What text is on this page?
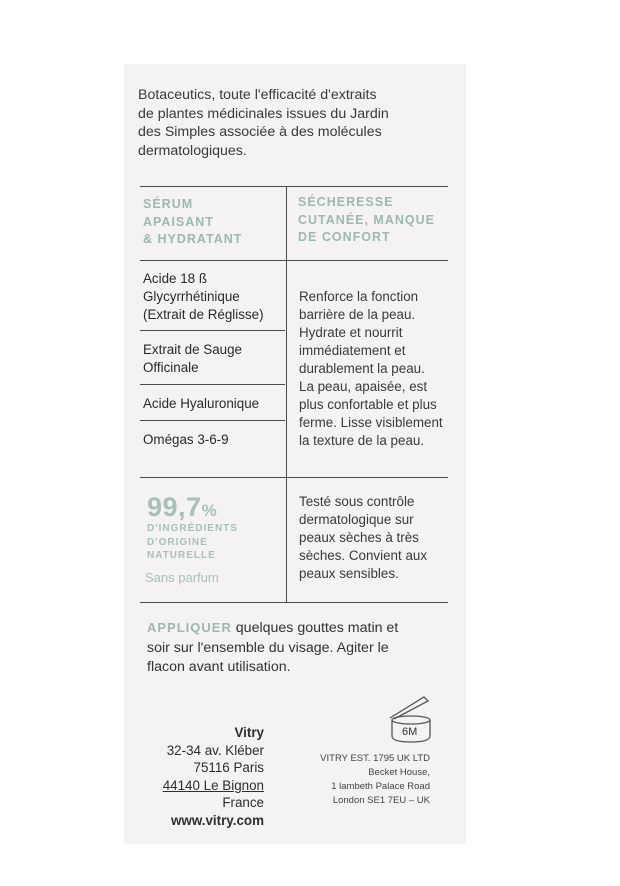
Botaceutics, toute l'efficacité d'extraits
de plantes médicinales issues du Jardin
des Simples associée à des molécules
dermatologiques.
SÉRUM
APAISANT
& HYDRATANT
SÉCHERESSE
CUTANÉE, MANQUE
DE CONFORT
Acide 18 ß
Glycyrrhétinique
(Extrait de Réglisse)
Extrait de Sauge
Officinale
Acide Hyaluronique
Omégas 3-6-9
Renforce la fonction
barrière de la peau.
Hydrate et nourrit
immédiatement et
durablement la peau.
La peau, apaisée, est
plus confortable et plus
ferme. Lisse visiblement
la texture de la peau.
99,7%
D'INGRÉDIENTS
D'ORIGINE
NATURELLE
Sans parfum
Testé sous contrôle
dermatologique sur
peaux sèches à très
sèches. Convient aux
peaux sensibles.
APPLIQUER quelques gouttes matin et
soir sur l'ensemble du visage. Agiter le
flacon avant utilisation.
6M
Vitry
32-34 av. Kléber
75116 Paris
44140 Le Bignon
France
www.vitry.com
VITRY EST. 1795 UK LTD
Becket House,
1 lambeth Palace Road
London SE1 7EU – UK
